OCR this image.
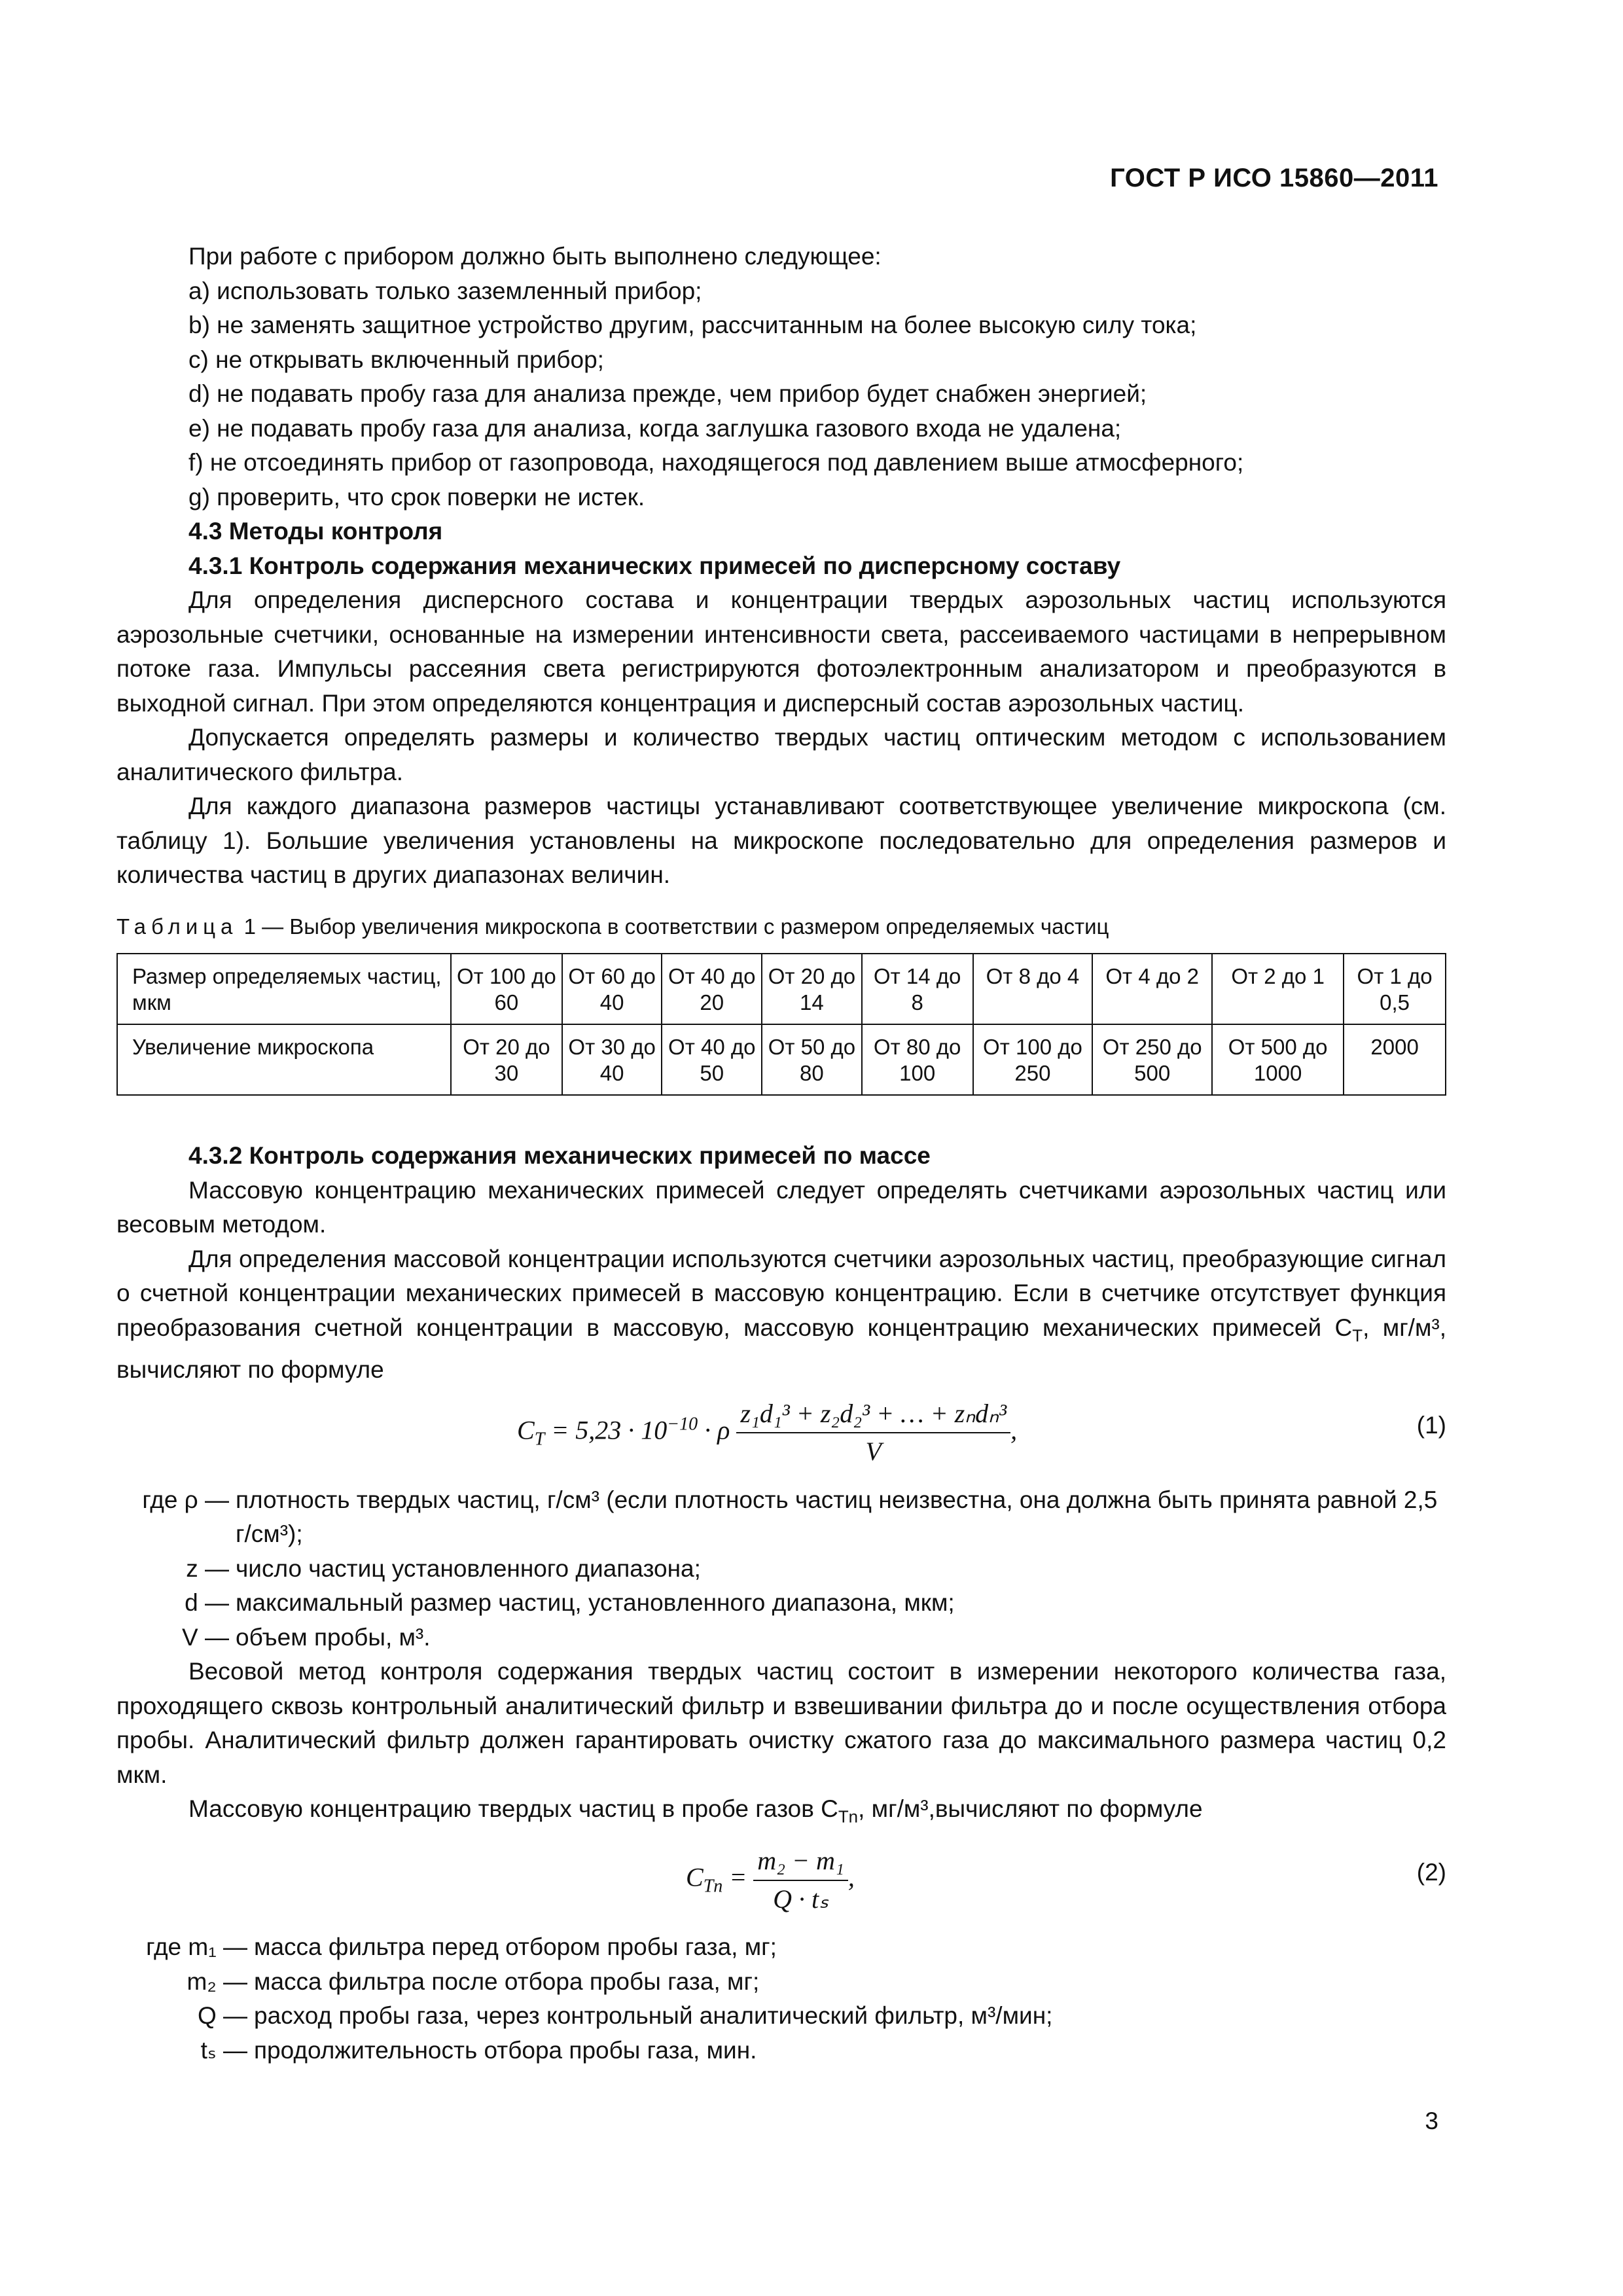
ГОСТ Р ИСО 15860—2011

При работе с прибором должно быть выполнено следующее:

a) использовать только заземленный прибор;

b) не заменять защитное устройство другим, рассчитанным на более высокую силу тока;

c) не открывать включенный прибор;

d) не подавать пробу газа для анализа прежде, чем прибор будет снабжен энергией;

e) не подавать пробу газа для анализа, когда заглушка газового входа не удалена;

f) не отсоединять прибор от газопровода, находящегося под давлением выше атмосферного;

g) проверить, что срок поверки не истек.

4.3 Методы контроля

4.3.1 Контроль содержания механических примесей по дисперсному составу

Для определения дисперсного состава и концентрации твердых аэрозольных частиц используются аэрозольные счетчики, основанные на измерении интенсивности света, рассеиваемого частицами в непрерывном потоке газа. Импульсы рассеяния света регистрируются фотоэлектронным анализатором и преобразуются в выходной сигнал. При этом определяются концентрация и дисперсный состав аэрозольных частиц.

Допускается определять размеры и количество твердых частиц оптическим методом с использованием аналитического фильтра.

Для каждого диапазона размеров частицы устанавливают соответствующее увеличение микроскопа (см. таблицу 1). Большие увеличения установлены на микроскопе последовательно для определения размеров и количества частиц в других диапазонах величин.

Таблица 1 — Выбор увеличения микроскопа в соответствии с размером определяемых частиц
Размер определяемых частиц, мкм	От 100 до 60	От 60 до 40	От 40 до 20	От 20 до 14	От 14 до 8	От 8 до 4	От 4 до 2	От 2 до 1	От 1 до 0,5
Увеличение микроскопа	От 20 до 30	От 30 до 40	От 40 до 50	От 50 до 80	От 80 до 100	От 100 до 250	От 250 до 500	От 500 до 1000	2000

4.3.2 Контроль содержания механических примесей по массе

Массовую концентрацию механических примесей следует определять счетчиками аэрозольных частиц или весовым методом.

Для определения массовой концентрации используются счетчики аэрозольных частиц, преобразующие сигнал о счетной концентрации механических примесей в массовую концентрацию. Если в счетчике отсутствует функция преобразования счетной концентрации в массовую, массовую концентрацию механических примесей $C_T$, мг/м³, вычисляют по формуле

$C_T = 5,23 \cdot 10^{-10} \cdot \rho \frac{\text{z₁d₁³ + z₂d₂³ + … + zₙdₙ³}}{V}$ ,	(1)
где ρ — плотность твердых частиц, г/см³ (если плотность частиц неизвестна, она должна быть принята равной 2,5 г/см³);
z — число частиц установленного диапазона;
d — максимальный размер частиц, установленного диапазона, мкм;
V — объем пробы, м³.

Весовой метод контроля содержания твердых частиц состоит в измерении некоторого количества газа, проходящего сквозь контрольный аналитический фильтр и взвешивании фильтра до и после осуществления отбора пробы. Аналитический фильтр должен гарантировать очистку сжатого газа до максимального размера частиц 0,2 мкм.

Массовую концентрацию твердых частиц в пробе газов $C_{Tn}$, мг/м³,вычисляют по формуле

$C_{Tn} = \frac{\text{m₂ − m₁}}{\text{Q · tₛ}}$ ,	(2)
где m₁ — масса фильтра перед отбором пробы газа, мг;
m₂ — масса фильтра после отбора пробы газа, мг;
Q — расход пробы газа, через контрольный аналитический фильтр, м³/мин;
tₛ — продолжительность отбора пробы газа, мин.
3
